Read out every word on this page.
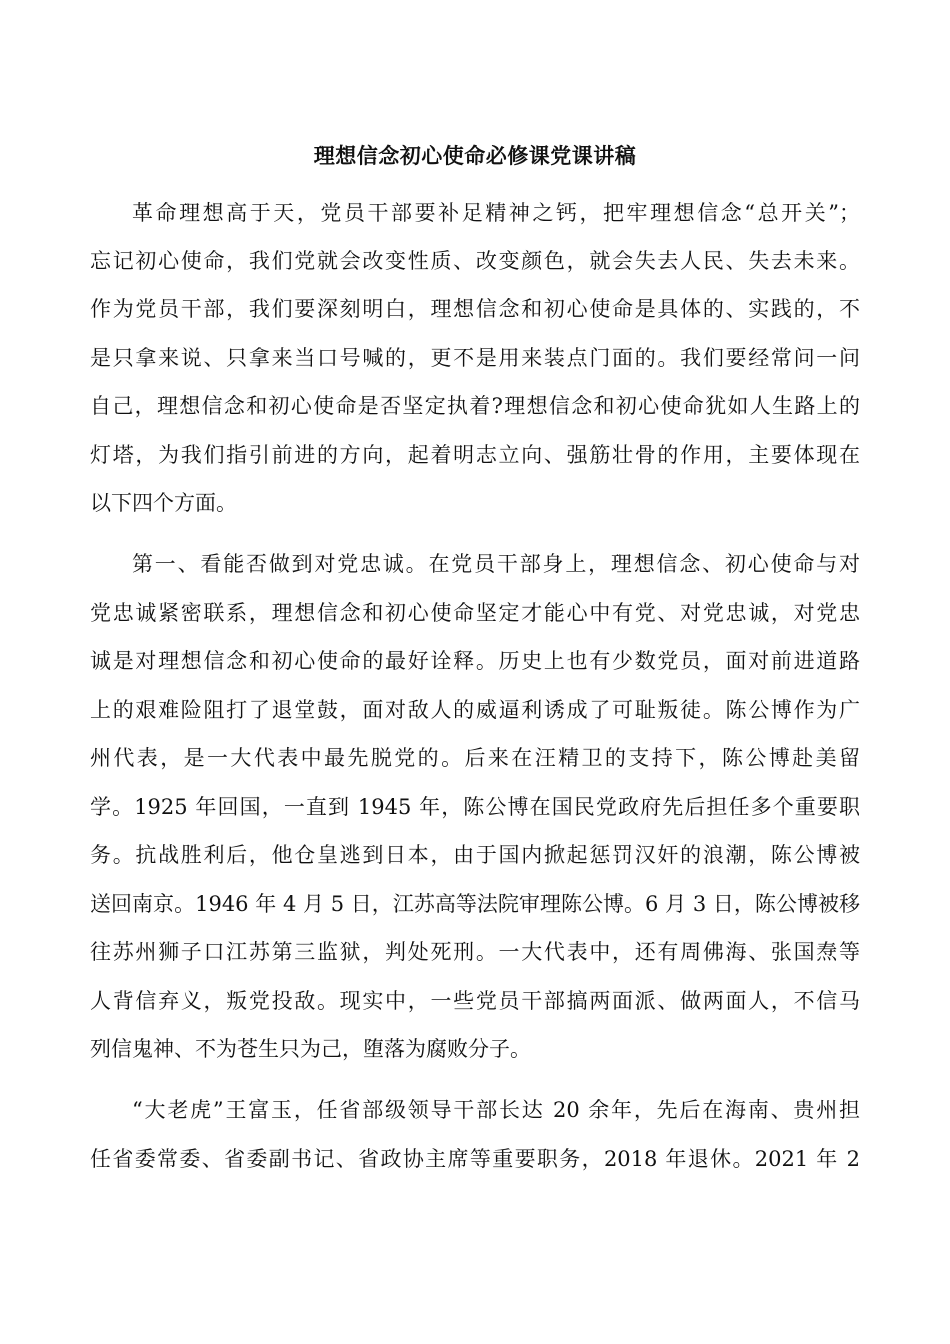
理想信念初心使命必修课党课讲稿
革命理想高于天，党员干部要补足精神之钙，把牢理想信念“总开关”；
忘记初心使命，我们党就会改变性质、改变颜色，就会失去人民、失去未来。
作为党员干部，我们要深刻明白，理想信念和初心使命是具体的、实践的，不
是只拿来说、只拿来当口号喊的，更不是用来装点门面的。我们要经常问一问
自己，理想信念和初心使命是否坚定执着?理想信念和初心使命犹如人生路上的
灯塔，为我们指引前进的方向，起着明志立向、强筋壮骨的作用，主要体现在
以下四个方面。
第一、看能否做到对党忠诚。在党员干部身上，理想信念、初心使命与对
党忠诚紧密联系，理想信念和初心使命坚定才能心中有党、对党忠诚，对党忠
诚是对理想信念和初心使命的最好诠释。历史上也有少数党员，面对前进道路
上的艰难险阻打了退堂鼓，面对敌人的威逼利诱成了可耻叛徒。陈公博作为广
州代表，是一大代表中最先脱党的。后来在汪精卫的支持下，陈公博赴美留
学。1925 年回国，一直到 1945 年，陈公博在国民党政府先后担任多个重要职
务。抗战胜利后，他仓皇逃到日本，由于国内掀起惩罚汉奸的浪潮，陈公博被
送回南京。1946 年 4 月 5 日，江苏高等法院审理陈公博。6 月 3 日，陈公博被移
往苏州狮子口江苏第三监狱，判处死刑。一大代表中，还有周佛海、张国焘等
人背信弃义，叛党投敌。现实中，一些党员干部搞两面派、做两面人，不信马
列信鬼神、不为苍生只为己，堕落为腐败分子。
“大老虎”王富玉，任省部级领导干部长达 20 余年，先后在海南、贵州担
任省委常委、省委副书记、省政协主席等重要职务，2018 年退休。2021 年 2
